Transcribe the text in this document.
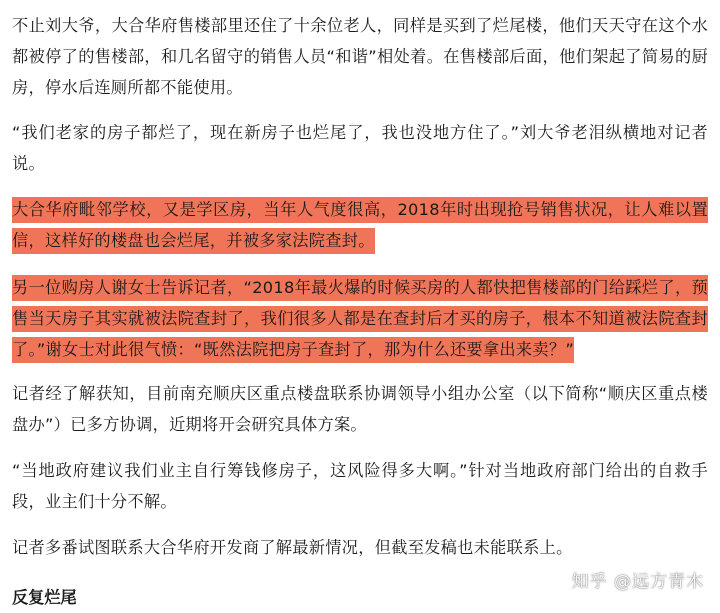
不止刘大爷，大合华府售楼部里还住了十余位老人，同样是买到了烂尾楼，他们天天守在这个水都被停了的售楼部，和几名留守的销售人员“和谐”相处着。在售楼部后面，他们架起了简易的厨房，停水后连厕所都不能使用。

“我们老家的房子都烂了，现在新房子也烂尾了，我也没地方住了。”刘大爷老泪纵横地对记者说。

大合华府毗邻学校，又是学区房，当年人气度很高，2018年时出现抢号销售状况，让人难以置信，这样好的楼盘也会烂尾，并被多家法院查封。

另一位购房人谢女士告诉记者，“2018年最火爆的时候买房的人都快把售楼部的门给踩烂了，预售当天房子其实就被法院查封了，我们很多人都是在查封后才买的房子，根本不知道被法院查封了。”谢女士对此很气愤：“既然法院把房子查封了，那为什么还要拿出来卖？”

记者经了解获知，目前南充顺庆区重点楼盘联系协调领导小组办公室（以下简称“顺庆区重点楼盘办”）已多方协调，近期将开会研究具体方案。

“当地政府建议我们业主自行筹钱修房子，这风险得多大啊。”针对当地政府部门给出的自救手段，业主们十分不解。

记者多番试图联系大合华府开发商了解最新情况，但截至发稿也未能联系上。

反复烂尾
知乎 @远方青木
